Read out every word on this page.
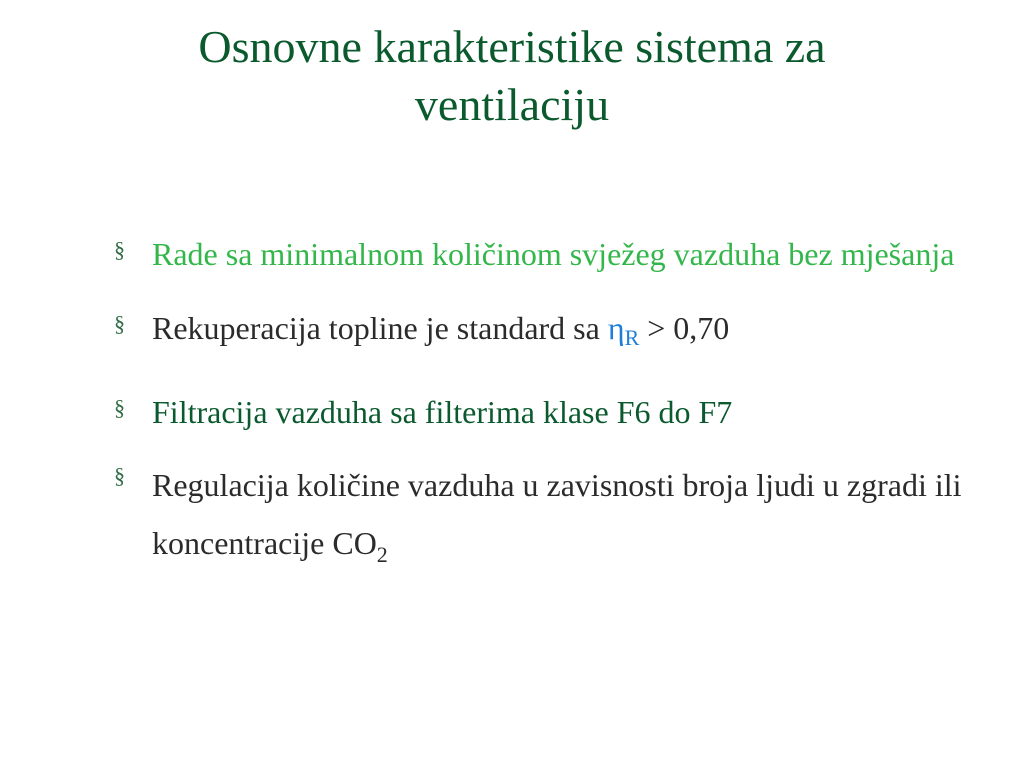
Osnovne karakteristike sistema za
ventilaciju
§ Rade sa minimalnom količinom svježeg vazduha bez mješanja
§ Rekuperacija topline je standard sa $\eta_R > 0,70$
§ Filtracija vazduha sa filterima klase F6 do F7
§ Regulacija količine vazduha u zavisnosti broja ljudi u zgradi ili koncentracije $CO_2$
